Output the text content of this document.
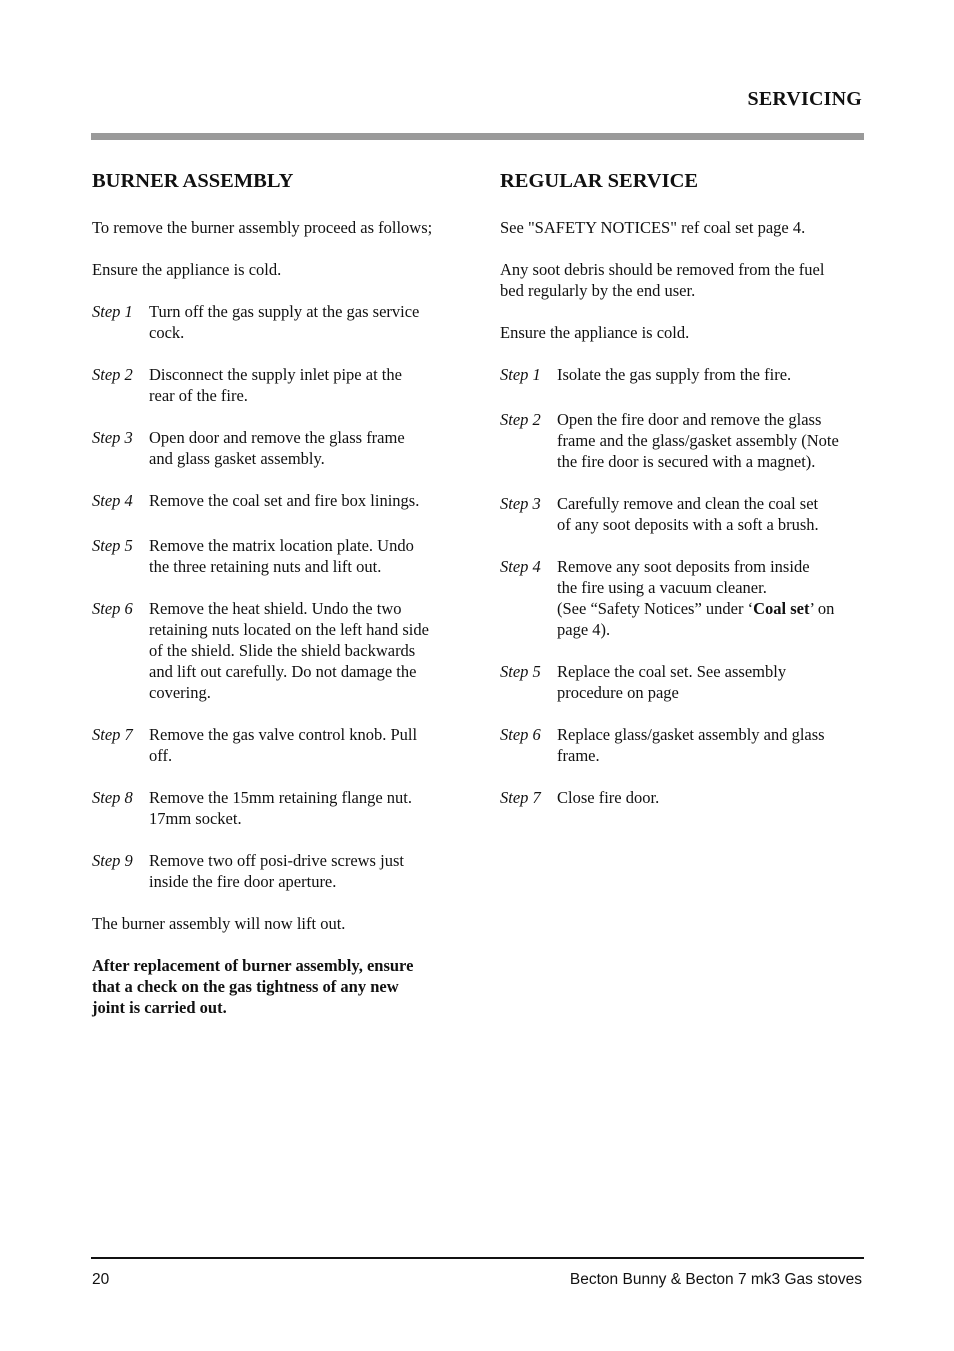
SERVICING
BURNER ASSEMBLY

To remove the burner assembly proceed as follows;

Ensure the appliance is cold.

Step 1 Turn off the gas supply at the gas service
cock.
Step 2 Disconnect the supply inlet pipe at the
rear of the fire.
Step 3 Open door and remove the glass frame
and glass gasket assembly.
Step 4 Remove the coal set and fire box linings.
Step 5 Remove the matrix location plate. Undo
the three retaining nuts and lift out.
Step 6 Remove the heat shield. Undo the two
retaining nuts located on the left hand side
of the shield. Slide the shield backwards
and lift out carefully. Do not damage the
covering.
Step 7 Remove the gas valve control knob. Pull
off.
Step 8 Remove the 15mm retaining flange nut.
17mm socket.
Step 9 Remove two off posi-drive screws just
inside the fire door aperture.

The burner assembly will now lift out.

After replacement of burner assembly, ensure
that a check on the gas tightness of any new
joint is carried out.

REGULAR SERVICE

See "SAFETY NOTICES" ref coal set page 4.

Any soot debris should be removed from the fuel
bed regularly by the end user.

Ensure the appliance is cold.

Step 1 Isolate the gas supply from the fire.
Step 2 Open the fire door and remove the glass
frame and the glass/gasket assembly (Note
the fire door is secured with a magnet).
Step 3 Carefully remove and clean the coal set
of any soot deposits with a soft a brush.
Step 4 Remove any soot deposits from inside
the fire using a vacuum cleaner.
(See “Safety Notices” under ‘Coal set’ on
page 4).
Step 5 Replace the coal set. See assembly
procedure on page
Step 6 Replace glass/gasket assembly and glass
frame.
Step 7 Close fire door.
20	Becton Bunny & Becton 7 mk3 Gas stoves
